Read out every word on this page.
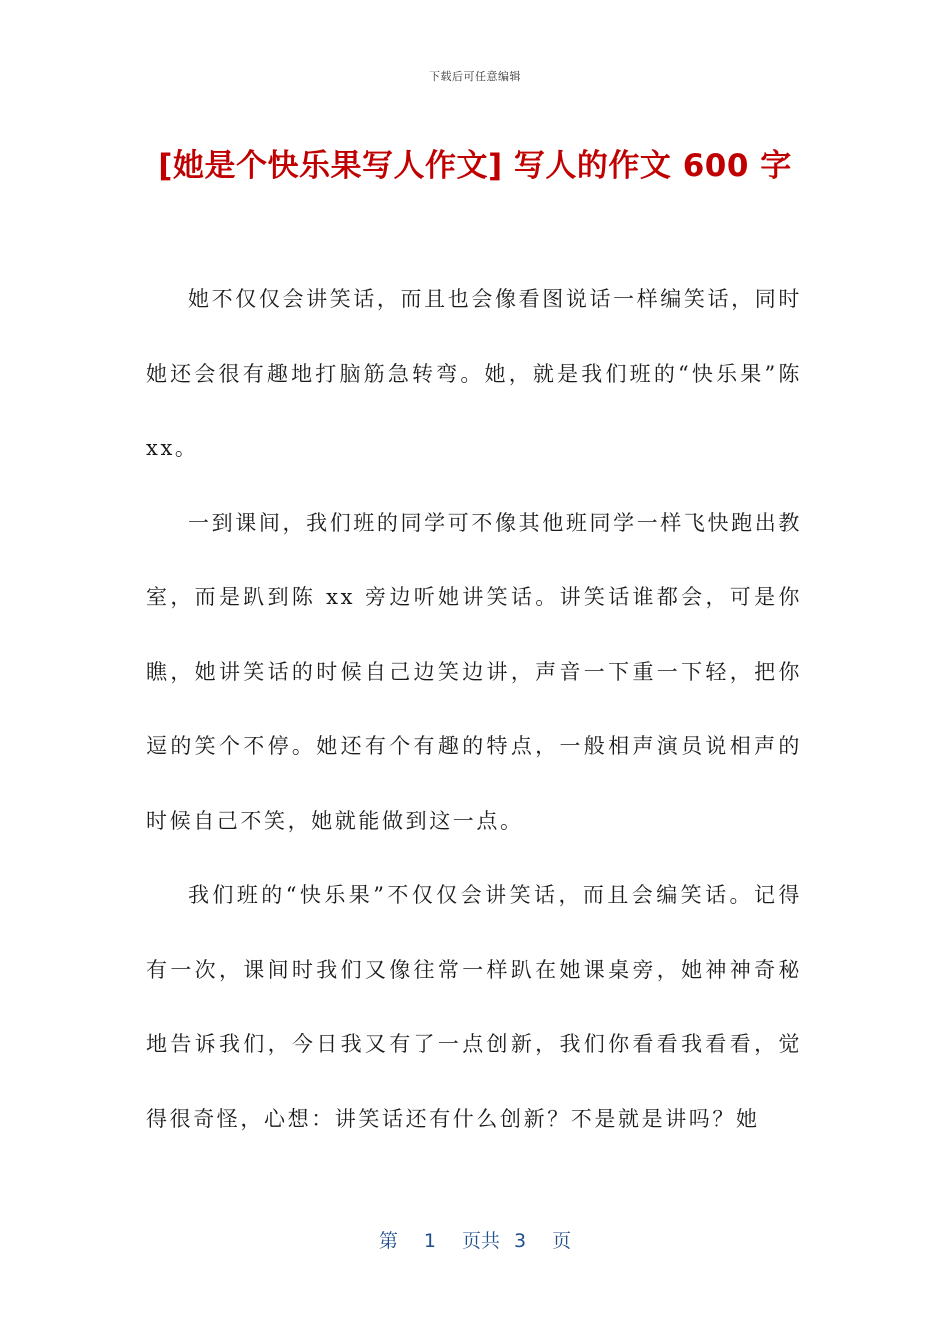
下载后可任意编辑
[她是个快乐果写人作文] 写人的作文 600 字

她不仅仅会讲笑话，而且也会像看图说话一样编笑话，同时她还会很有趣地打脑筋急转弯。她，就是我们班的“快乐果”陈 xx。

一到课间，我们班的同学可不像其他班同学一样飞快跑出教室，而是趴到陈 xx 旁边听她讲笑话。讲笑话谁都会，可是你瞧，她讲笑话的时候自己边笑边讲，声音一下重一下轻，把你逗的笑个不停。她还有个有趣的特点，一般相声演员说相声的时候自己不笑，她就能做到这一点。

我们班的“快乐果”不仅仅会讲笑话，而且会编笑话。记得有一次，课间时我们又像往常一样趴在她课桌旁，她神神奇秘地告诉我们，今日我又有了一点创新，我们你看看我看看，觉得很奇怪，心想：讲笑话还有什么创新？不是就是讲吗？她

第 1 页共 3 页
